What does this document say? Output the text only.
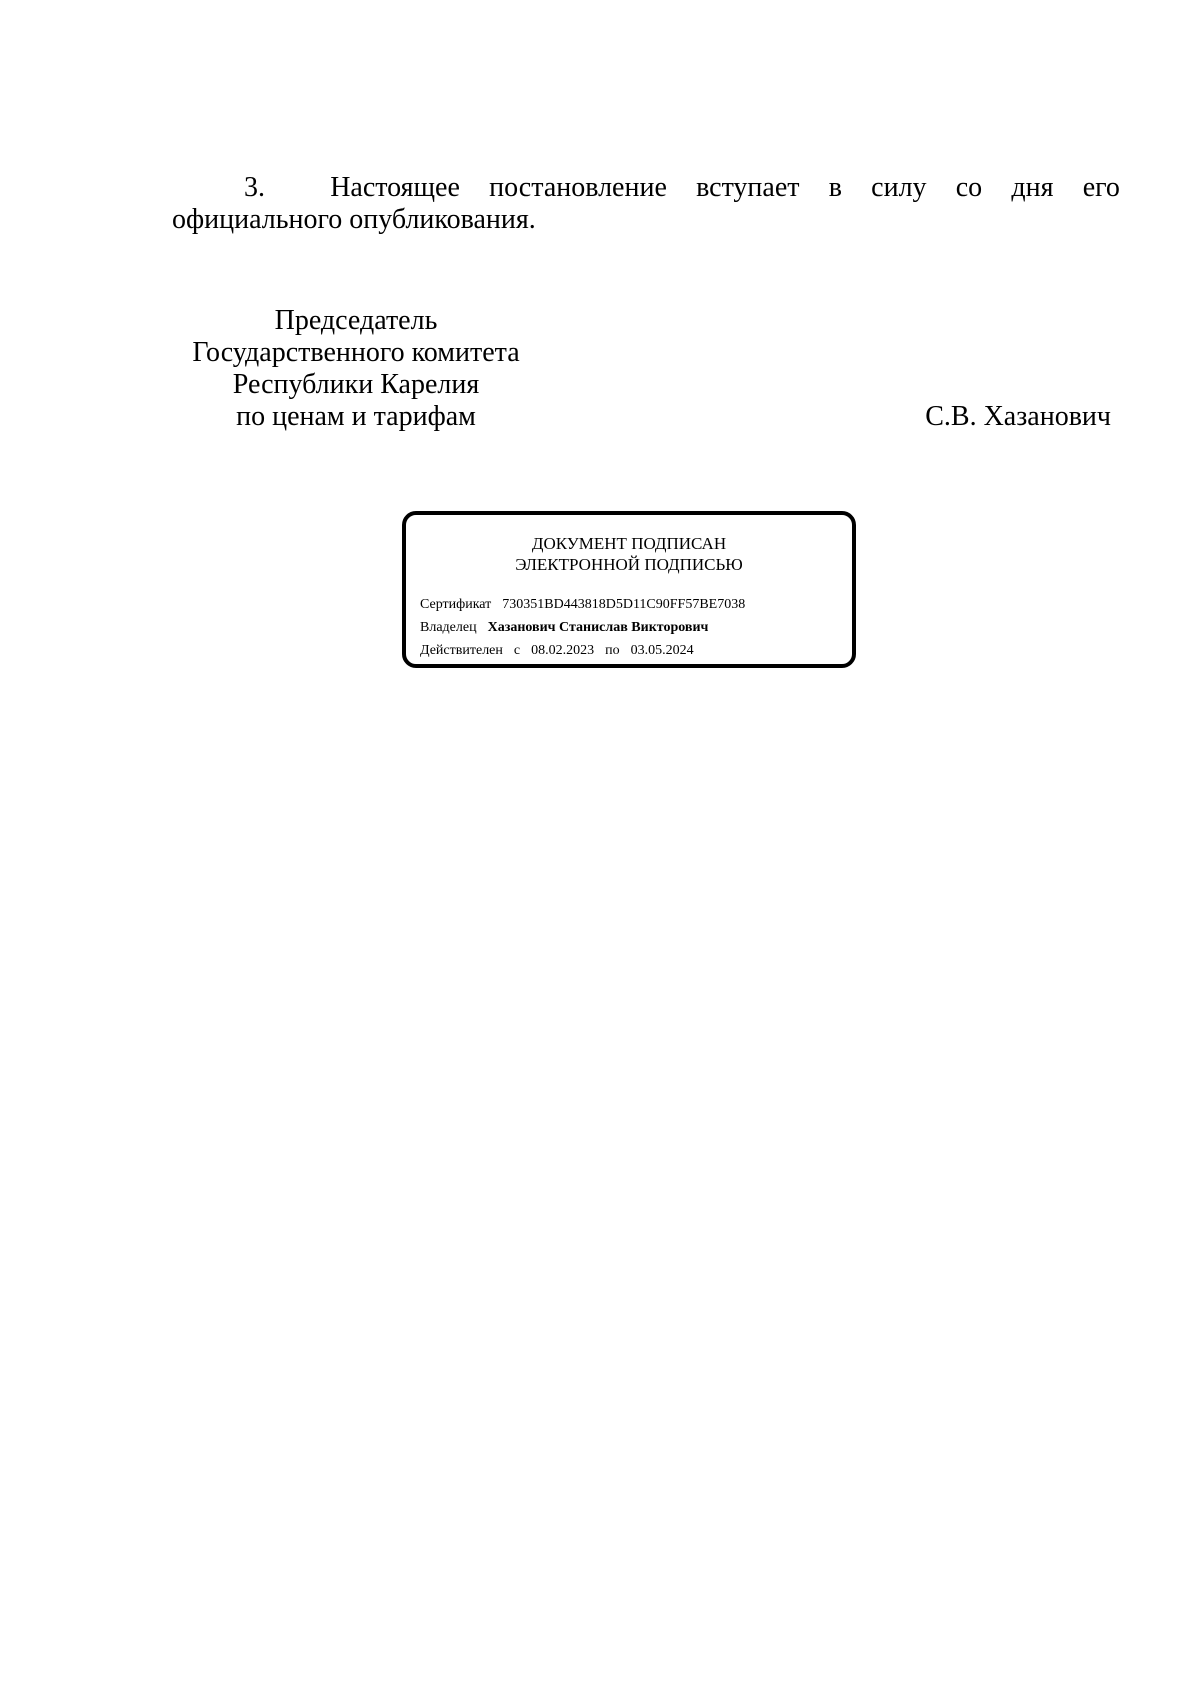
3. Настоящее постановление вступает в силу со дня его
официального опубликования.
Председатель
Государственного комитета
Республики Карелия
по ценам и тарифам	С.В. Хазанович
ДОКУМЕНТ ПОДПИСАН
ЭЛЕКТРОННОЙ ПОДПИСЬЮ
Сертификат 730351BD443818D5D11C90FF57BE7038
Владелец Хазанович Станислав Викторович
Действителен с 08.02.2023 по 03.05.2024
